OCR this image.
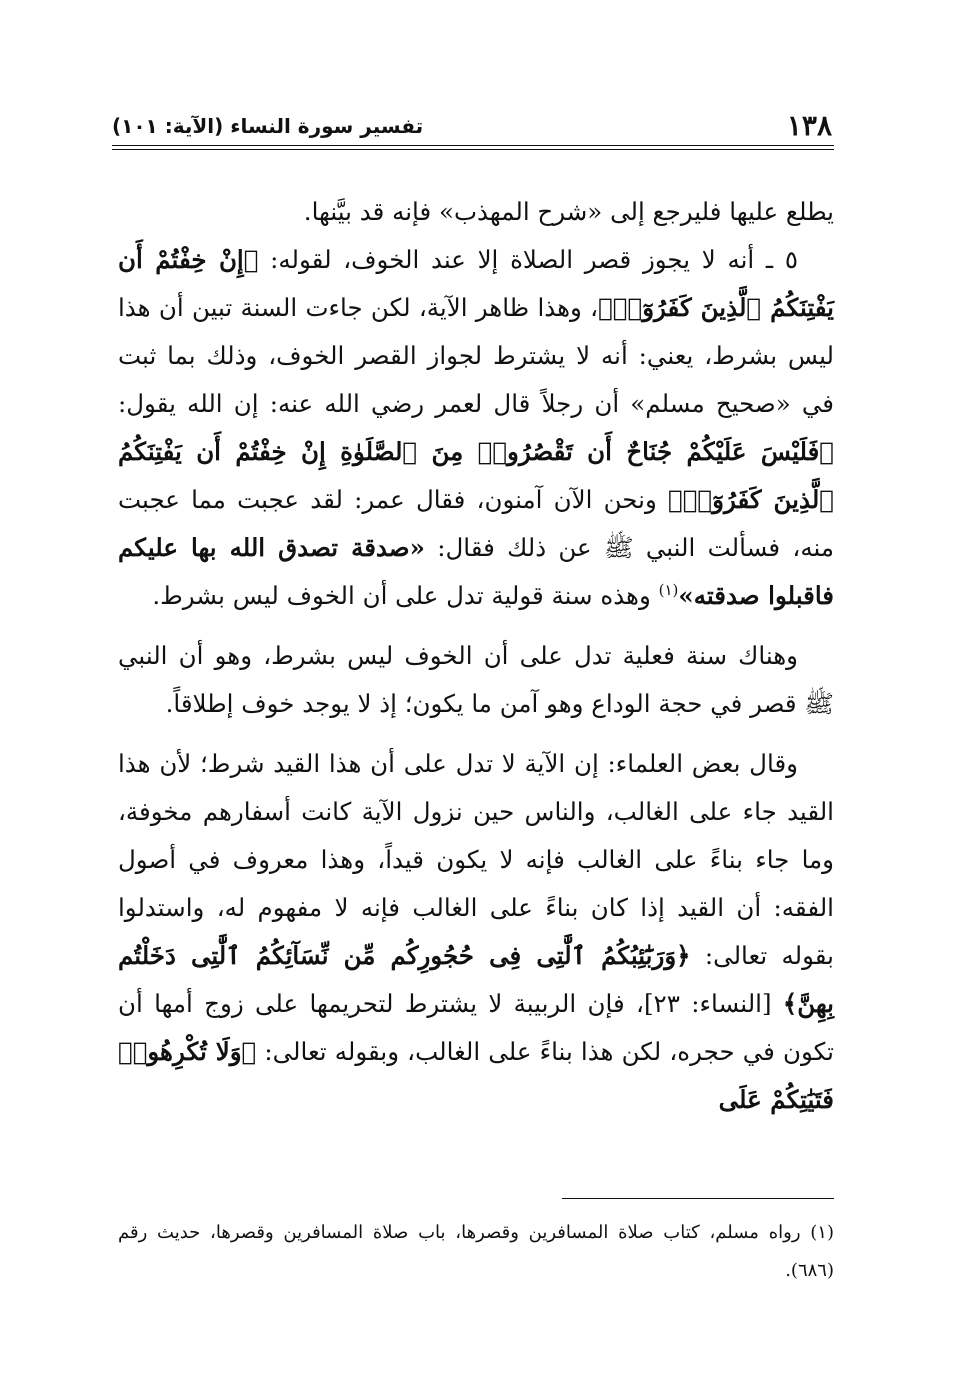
١٣٨
تفسير سورة النساء (الآية: ١٠١)

يطلع عليها فليرجع إلى «شرح المهذب» فإنه قد بيَّنها.

٥ ـ أنه لا يجوز قصر الصلاة إلا عند الخوف، لقوله: ﴿إِنْ خِفْتُمْ أَن يَفْتِنَكُمُ ٱلَّذِينَ كَفَرُوٓا۟﴾، وهذا ظاهر الآية، لكن جاءت السنة تبين أن هذا ليس بشرط، يعني: أنه لا يشترط لجواز القصر الخوف، وذلك بما ثبت في «صحيح مسلم» أن رجلاً قال لعمر رضي الله عنه: إن الله يقول: ﴿فَلَيْسَ عَلَيْكُمْ جُنَاحٌ أَن تَقْصُرُوا۟ مِنَ ٱلصَّلَوٰةِ إِنْ خِفْتُمْ أَن يَفْتِنَكُمُ ٱلَّذِينَ كَفَرُوٓا۟﴾ ونحن الآن آمنون، فقال عمر: لقد عجبت مما عجبت منه، فسألت النبي ﷺ عن ذلك فقال: «صدقة تصدق الله بها عليكم فاقبلوا صدقته»$^{(١)}$ وهذه سنة قولية تدل على أن الخوف ليس بشرط.

وهناك سنة فعلية تدل على أن الخوف ليس بشرط، وهو أن النبي ﷺ قصر في حجة الوداع وهو آمن ما يكون؛ إذ لا يوجد خوف إطلاقاً.

وقال بعض العلماء: إن الآية لا تدل على أن هذا القيد شرط؛ لأن هذا القيد جاء على الغالب، والناس حين نزول الآية كانت أسفارهم مخوفة، وما جاء بناءً على الغالب فإنه لا يكون قيداً، وهذا معروف في أصول الفقه: أن القيد إذا كان بناءً على الغالب فإنه لا مفهوم له، واستدلوا بقوله تعالى: ﴿وَرَبَٰٓئِبُكُمُ ٱلَّٰتِى فِى حُجُورِكُم مِّن نِّسَآئِكُمُ ٱلَّٰتِى دَخَلْتُم بِهِنَّ﴾ [النساء: ٢٣]، فإن الربيبة لا يشترط لتحريمها على زوج أمها أن تكون في حجره، لكن هذا بناءً على الغالب، وبقوله تعالى: ﴿وَلَا تُكْرِهُوا۟ فَتَيَٰتِكُمْ عَلَى

(١) رواه مسلم، كتاب صلاة المسافرين وقصرها، باب صلاة المسافرين وقصرها، حديث رقم (٦٨٦).
